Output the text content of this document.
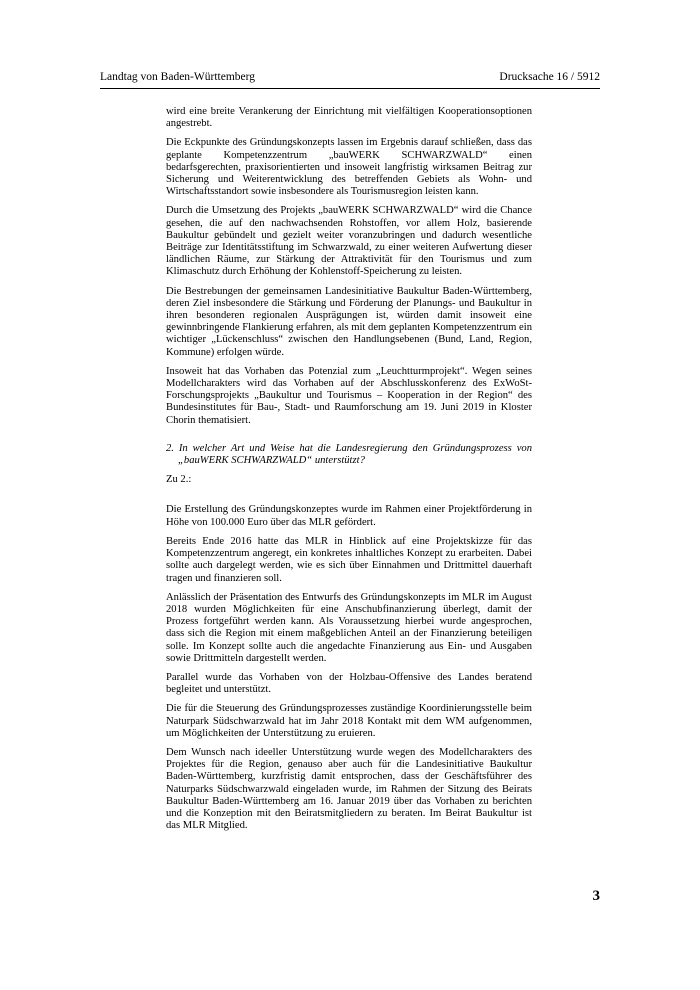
Landtag von Baden-Württemberg	Drucksache 16 / 5912

wird eine breite Verankerung der Einrichtung mit vielfältigen Kooperationsoptionen angestrebt.

Die Eckpunkte des Gründungskonzepts lassen im Ergebnis darauf schließen, dass das geplante Kompetenzzentrum „bauWERK SCHWARZWALD“ einen bedarfsgerechten, praxisorientierten und insoweit langfristig wirksamen Beitrag zur Sicherung und Weiterentwicklung des betreffenden Gebiets als Wohn- und Wirtschaftsstandort sowie insbesondere als Tourismusregion leisten kann.

Durch die Umsetzung des Projekts „bauWERK SCHWARZWALD“ wird die Chance gesehen, die auf den nachwachsenden Rohstoffen, vor allem Holz, basierende Baukultur gebündelt und gezielt weiter voranzubringen und dadurch wesentliche Beiträge zur Identitätsstiftung im Schwarzwald, zu einer weiteren Aufwertung dieser ländlichen Räume, zur Stärkung der Attraktivität für den Tourismus und zum Klimaschutz durch Erhöhung der Kohlenstoff-Speicherung zu leisten.

Die Bestrebungen der gemeinsamen Landesinitiative Baukultur Baden-Württemberg, deren Ziel insbesondere die Stärkung und Förderung der Planungs- und Baukultur in ihren besonderen regionalen Ausprägungen ist, würden damit insoweit eine gewinnbringende Flankierung erfahren, als mit dem geplanten Kompetenzzentrum ein wichtiger „Lückenschluss“ zwischen den Handlungsebenen (Bund, Land, Region, Kommune) erfolgen würde.

Insoweit hat das Vorhaben das Potenzial zum „Leuchtturmprojekt“. Wegen seines Modellcharakters wird das Vorhaben auf der Abschlusskonferenz des ExWoSt-Forschungsprojekts „Baukultur und Tourismus – Kooperation in der Region“ des Bundesinstitutes für Bau-, Stadt- und Raumforschung am 19. Juni 2019 in Kloster Chorin thematisiert.

2. In welcher Art und Weise hat die Landesregierung den Gründungsprozess von „bauWERK SCHWARZWALD“ unterstützt?

Zu 2.:

Die Erstellung des Gründungskonzeptes wurde im Rahmen einer Projektförderung in Höhe von 100.000 Euro über das MLR gefördert.

Bereits Ende 2016 hatte das MLR in Hinblick auf eine Projektskizze für das Kompetenzzentrum angeregt, ein konkretes inhaltliches Konzept zu erarbeiten. Dabei sollte auch dargelegt werden, wie es sich über Einnahmen und Drittmittel dauerhaft tragen und finanzieren soll.

Anlässlich der Präsentation des Entwurfs des Gründungskonzepts im MLR im August 2018 wurden Möglichkeiten für eine Anschubfinanzierung überlegt, damit der Prozess fortgeführt werden kann. Als Voraussetzung hierbei wurde angesprochen, dass sich die Region mit einem maßgeblichen Anteil an der Finanzierung beteiligen solle. Im Konzept sollte auch die angedachte Finanzierung aus Ein- und Ausgaben sowie Drittmitteln dargestellt werden.

Parallel wurde das Vorhaben von der Holzbau-Offensive des Landes beratend begleitet und unterstützt.

Die für die Steuerung des Gründungsprozesses zuständige Koordinierungsstelle beim Naturpark Südschwarzwald hat im Jahr 2018 Kontakt mit dem WM aufgenommen, um Möglichkeiten der Unterstützung zu eruieren.

Dem Wunsch nach ideeller Unterstützung wurde wegen des Modellcharakters des Projektes für die Region, genauso aber auch für die Landesinitiative Baukultur Baden-Württemberg, kurzfristig damit entsprochen, dass der Geschäftsführer des Naturparks Südschwarzwald eingeladen wurde, im Rahmen der Sitzung des Beirats Baukultur Baden-Württemberg am 16. Januar 2019 über das Vorhaben zu berichten und die Konzeption mit den Beiratsmitgliedern zu beraten. Im Beirat Baukultur ist das MLR Mitglied.

3
